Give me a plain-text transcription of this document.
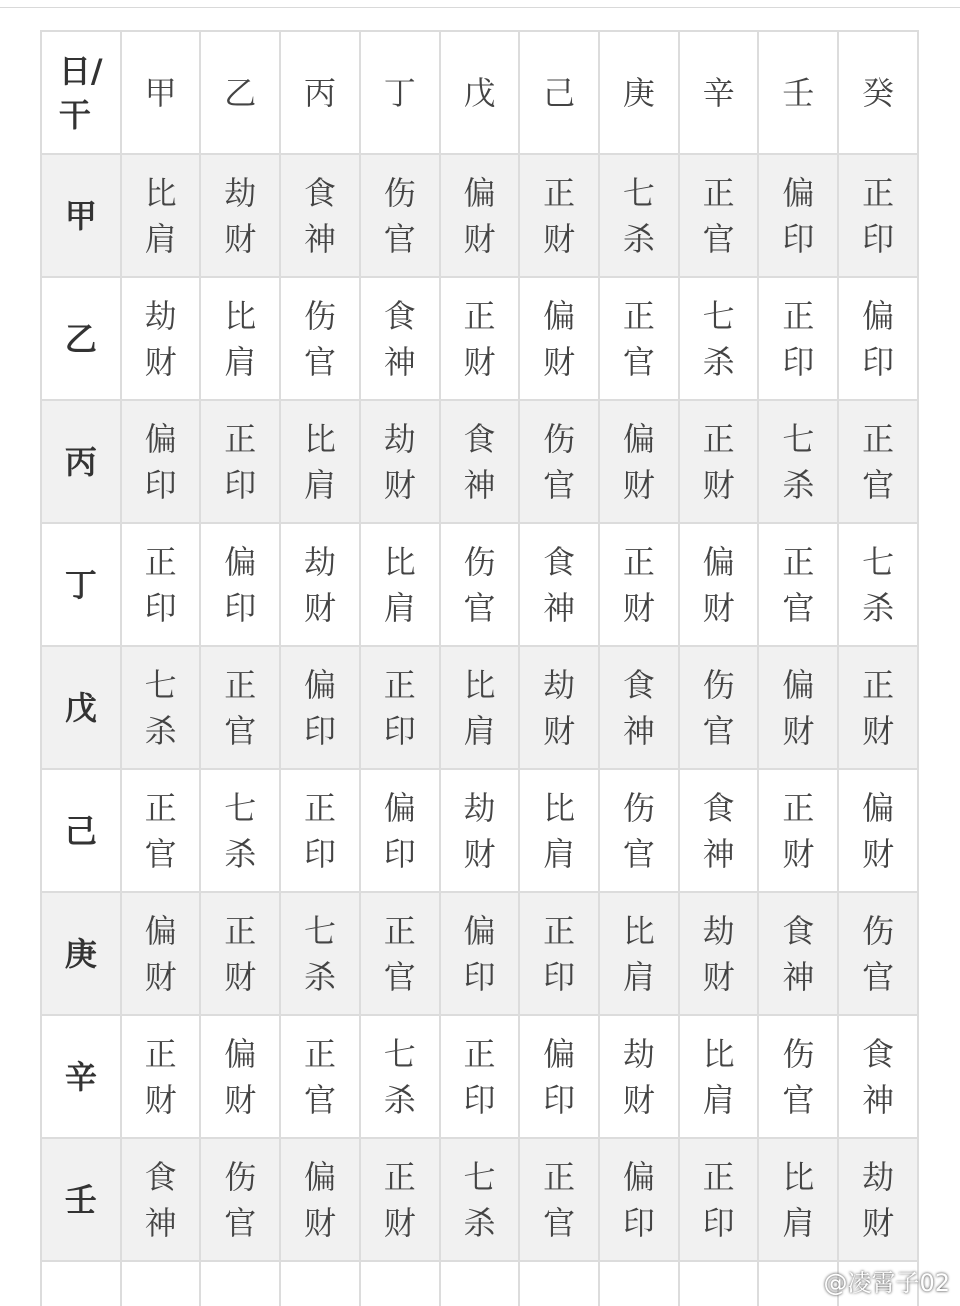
日/
干	甲	乙	丙	丁	戊	己	庚	辛	壬	癸
甲	比肩	劫财	食神	伤官	偏财	正财	七杀	正官	偏印	正印
乙	劫财	比肩	伤官	食神	正财	偏财	正官	七杀	正印	偏印
丙	偏印	正印	比肩	劫财	食神	伤官	偏财	正财	七杀	正官
丁	正印	偏印	劫财	比肩	伤官	食神	正财	偏财	正官	七杀
戊	七杀	正官	偏印	正印	比肩	劫财	食神	伤官	偏财	正财
己	正官	七杀	正印	偏印	劫财	比肩	伤官	食神	正财	偏财
庚	偏财	正财	七杀	正官	偏印	正印	比肩	劫财	食神	伤官
辛	正财	偏财	正官	七杀	正印	偏印	劫财	比肩	伤官	食神
壬	食神	伤官	偏财	正财	七杀	正官	偏印	正印	比肩	劫财

@凌霄子02
